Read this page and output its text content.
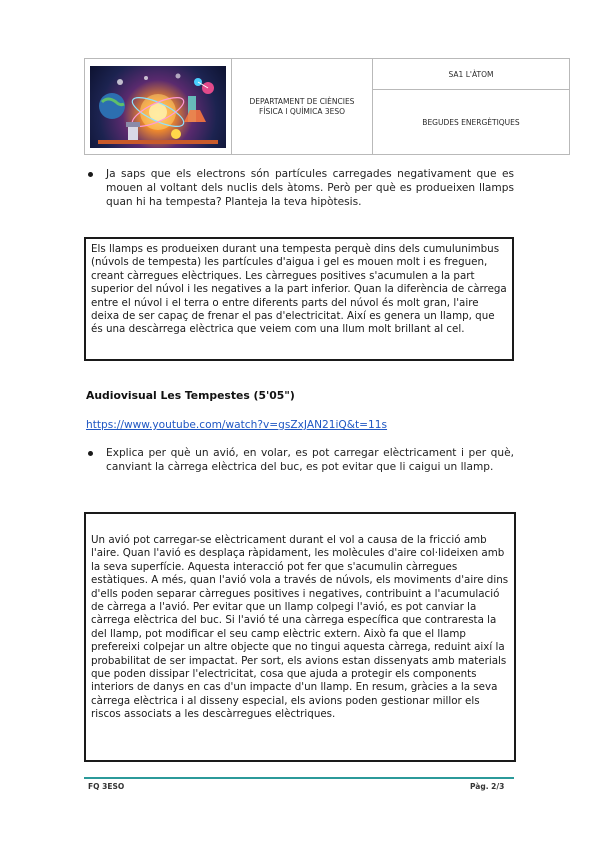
DEPARTAMENT DE CIÈNCIES
FÍSICA I QUÍMICA 3ESO
	SA1 L'ÀTOM
BEGUDES ENERGÈTIQUES
Ja saps que els electrons són partícules carregades negativament que es mouen al voltant dels nuclis dels àtoms. Però per què es produeixen llamps quan hi ha tempesta? Planteja la teva hipòtesis.
Els llamps es produeixen durant una tempesta perquè dins dels cumulunimbus (núvols de tempesta) les partícules d'aigua i gel es mouen molt i es freguen, creant càrregues elèctriques. Les càrregues positives s'acumulen a la part superior del núvol i les negatives a la part inferior. Quan la diferència de càrrega entre el núvol i el terra o entre diferents parts del núvol és molt gran, l'aire deixa de ser capaç de frenar el pas d'electricitat. Així es genera un llamp, que és una descàrrega elèctrica que veiem com una llum molt brillant al cel.
Audiovisual Les Tempestes (5'05")
https://www.youtube.com/watch?v=gsZxJAN21iQ&t=11s
Explica per què un avió, en volar, es pot carregar elèctricament i per què, canviant la càrrega elèctrica del buc, es pot evitar que li caigui un llamp.
Un avió pot carregar-se elèctricament durant el vol a causa de la fricció amb l'aire. Quan l'avió es desplaça ràpidament, les molècules d'aire col·lideixen amb la seva superfície. Aquesta interacció pot fer que s'acumulin càrregues estàtiques. A més, quan l'avió vola a través de núvols, els moviments d'aire dins d'ells poden separar càrregues positives i negatives, contribuint a l'acumulació de càrrega a l'avió. Per evitar que un llamp colpegi l'avió, es pot canviar la càrrega elèctrica del buc. Si l'avió té una càrrega específica que contraresta la del llamp, pot modificar el seu camp elèctric extern. Això fa que el llamp prefereixi colpejar un altre objecte que no tingui aquesta càrrega, reduint així la probabilitat de ser impactat. Per sort, els avions estan dissenyats amb materials que poden dissipar l'electricitat, cosa que ajuda a protegir els components interiors de danys en cas d'un impacte d'un llamp. En resum, gràcies a la seva càrrega elèctrica i al disseny especial, els avions poden gestionar millor els riscos associats a les descàrregues elèctriques.
FQ 3ESO	Pàg. 2/3
